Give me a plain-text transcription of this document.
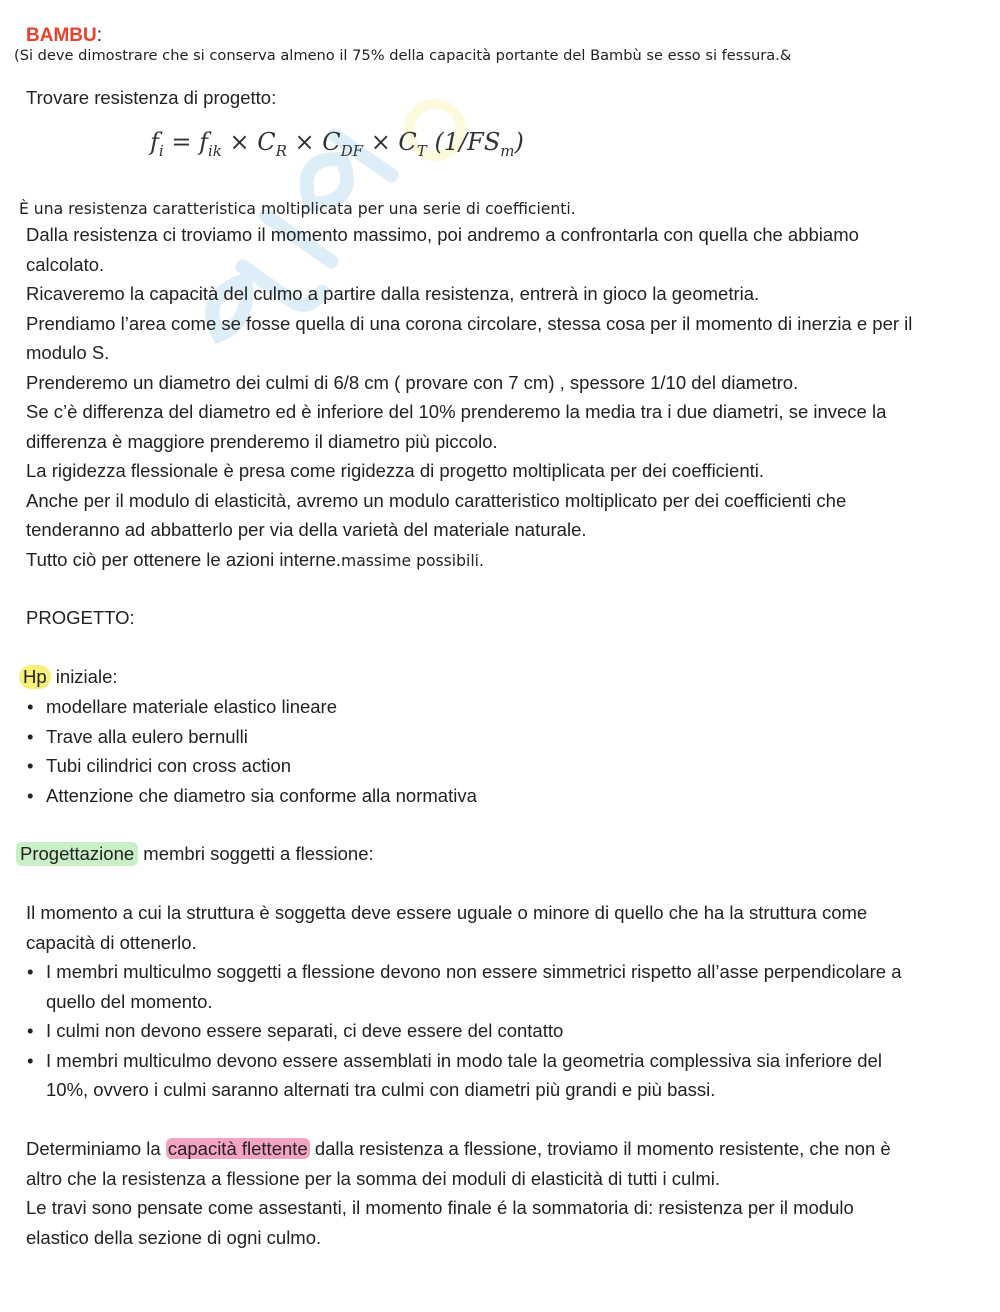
BAMBU:
(Si deve dimostrare che si conserva almeno il 75% della capacità portante del Bambù se esso si fessura.&
Trovare resistenza di progetto:
$f_i = f_{ik} \times C_R \times C_{DF} \times C_T$ $(1/FS_m)$
È una resistenza caratteristica moltiplicata per una serie di coefficienti.
Dalla resistenza ci troviamo il momento massimo, poi andremo a confrontarla con quella che abbiamo
calcolato.
Ricaveremo la capacità del culmo a partire dalla resistenza, entrerà in gioco la geometria.
Prendiamo l’area come se fosse quella di una corona circolare, stessa cosa per il momento di inerzia e per il
modulo S.
Prenderemo un diametro dei culmi di 6/8 cm ( provare con 7 cm) , spessore 1/10 del diametro.
Se c’è differenza del diametro ed è inferiore del 10% prenderemo la media tra i due diametri, se invece la
differenza è maggiore prenderemo il diametro più piccolo.
La rigidezza flessionale è presa come rigidezza di progetto moltiplicata per dei coefficienti.
Anche per il modulo di elasticità, avremo un modulo caratteristico moltiplicato per dei coefficienti che
tenderanno ad abbatterlo per via della varietà del materiale naturale.
Tutto ciò per ottenere le azioni interne.massime possibili.
PROGETTO:
Hp iniziale:
• modellare materiale elastico lineare
• Trave alla eulero bernulli
• Tubi cilindrici con cross action
• Attenzione che diametro sia conforme alla normativa
Progettazione membri soggetti a flessione:
Il momento a cui la struttura è soggetta deve essere uguale o minore di quello che ha la struttura come
capacità di ottenerlo.
• I membri multiculmo soggetti a flessione devono non essere simmetrici rispetto all’asse perpendicolare a
quello del momento.
• I culmi non devono essere separati, ci deve essere del contatto
• I membri multiculmo devono essere assemblati in modo tale la geometria complessiva sia inferiore del
10%, ovvero i culmi saranno alternati tra culmi con diametri più grandi e più bassi.
Determiniamo la capacità flettente dalla resistenza a flessione, troviamo il momento resistente, che non è
altro che la resistenza a flessione per la somma dei moduli di elasticità di tutti i culmi.
Le travi sono pensate come assestanti, il momento finale é la sommatoria di: resistenza per il modulo
elastico della sezione di ogni culmo.
